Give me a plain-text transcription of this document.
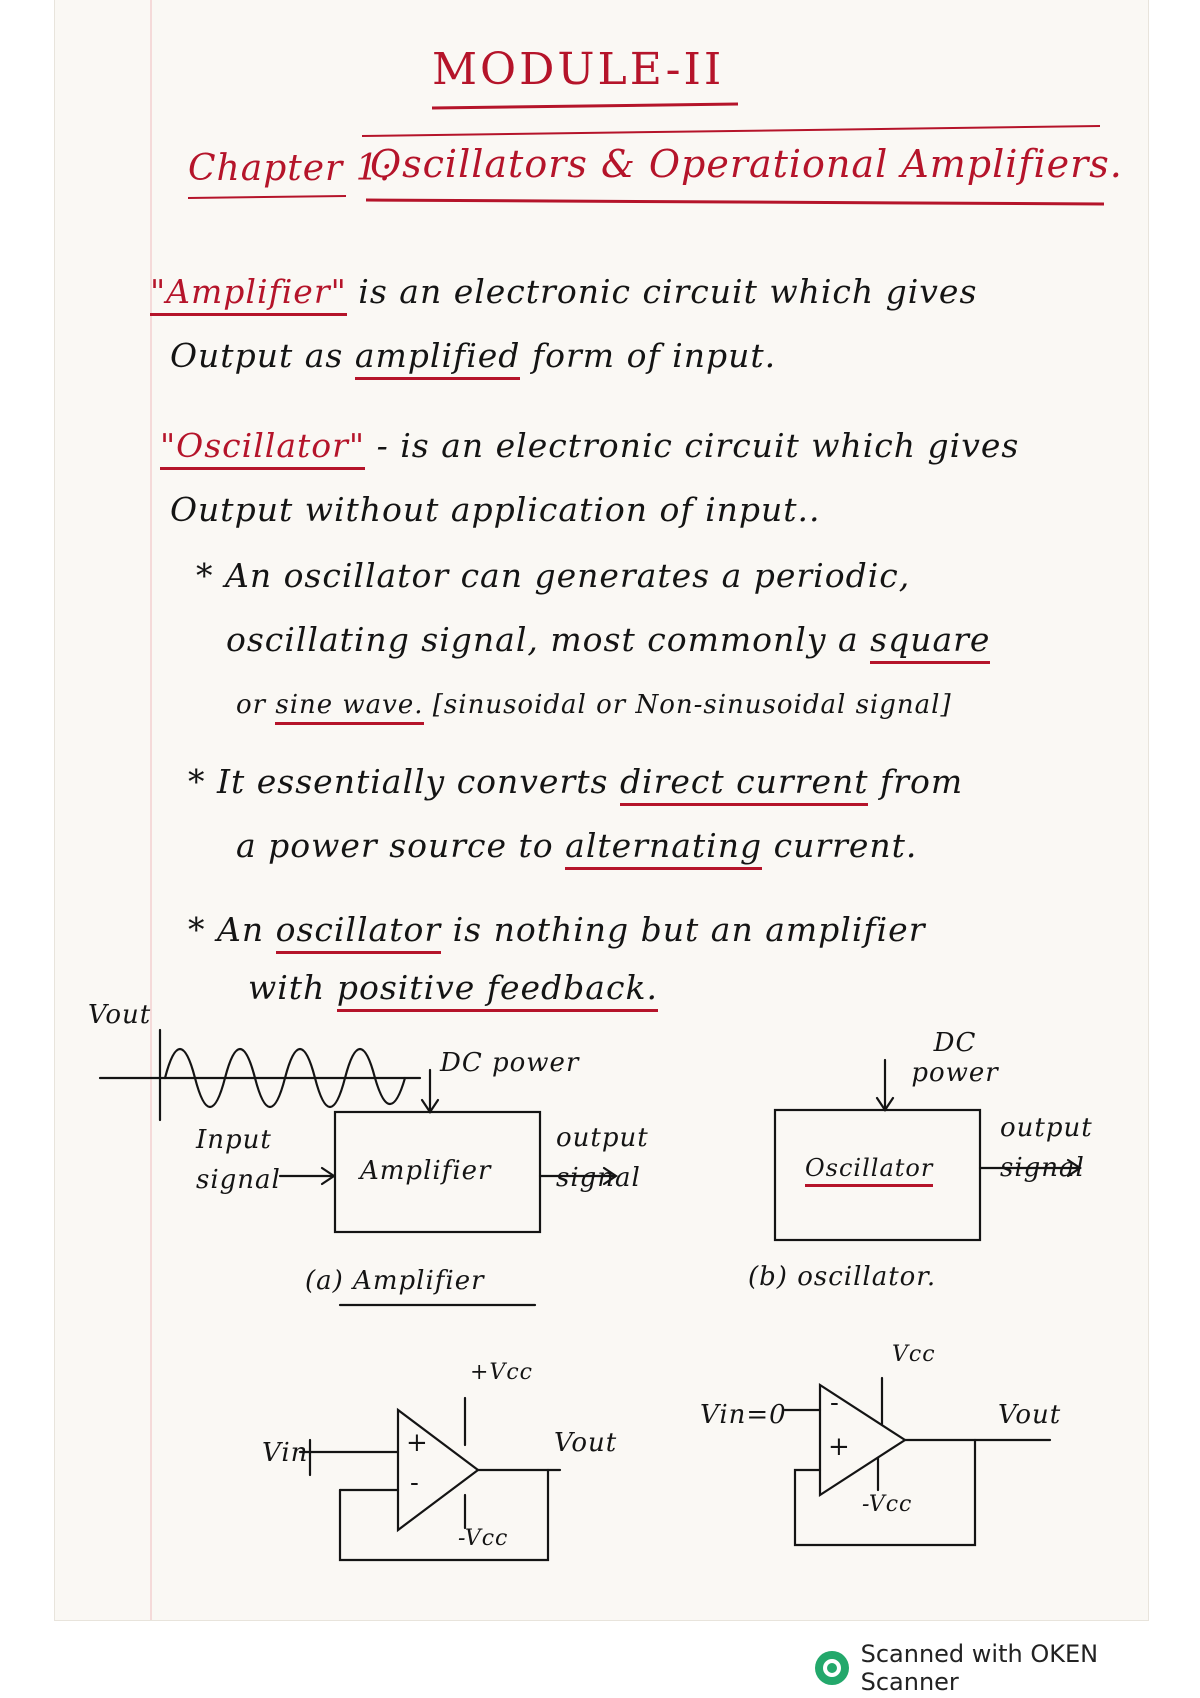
MODULE-II
Chapter 1:
Oscillators & Operational Amplifiers.
"Amplifier" is an electronic circuit which gives
Output as amplified form of input.
"Oscillator" - is an electronic circuit which gives
Output without application of input..
* An oscillator can generates a periodic,
oscillating signal, most commonly a square
or sine wave. [sinusoidal or Non-sinusoidal signal]
* It essentially converts direct current from
a power source to alternating current.
* An oscillator is nothing but an amplifier
with positive feedback.
Vout
DC power
Input signal	Amplifier
output signal
(a) Amplifier
DC power
Oscillator
output signal
(b) oscillator.
+Vcc
-Vcc
Vin	Vout
+
-
Vcc
-Vcc
Vin=0	Vout
+
-
Scanned with OKEN Scanner
